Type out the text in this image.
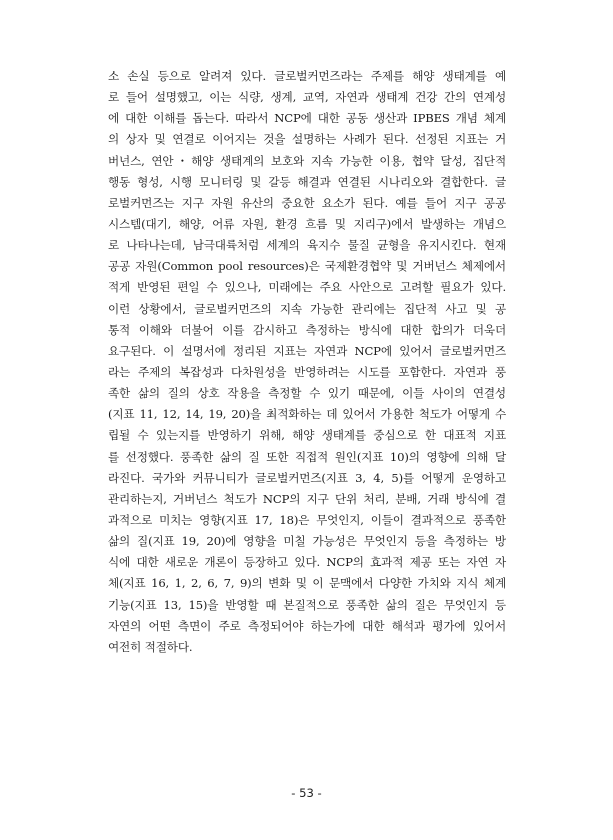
소 손실 등으로 알려져 있다. 글로벌커먼즈라는 주제를 해양 생태계를 예
로 들어 설명했고, 이는 식량, 생계, 교역, 자연과 생태계 건강 간의 연계성
에 대한 이해를 돕는다. 따라서 NCP에 대한 공동 생산과 IPBES 개념 체계
의 상자 및 연결로 이어지는 것을 설명하는 사례가 된다. 선정된 지표는 거
버넌스, 연안・해양 생태계의 보호와 지속 가능한 이용, 협약 달성, 집단적
행동 형성, 시행 모니터링 및 갈등 해결과 연결된 시나리오와 결합한다. 글
로벌커먼즈는 지구 자원 유산의 중요한 요소가 된다. 예를 들어 지구 공공
시스템(대기, 해양, 어류 자원, 환경 흐름 및 지리구)에서 발생하는 개념으
로 나타나는데, 남극대륙처럼 세계의 육지수 물질 균형을 유지시킨다. 현재
공공 자원(Common pool resources)은 국제환경협약 및 거버넌스 체제에서
적게 반영된 편일 수 있으나, 미래에는 주요 사안으로 고려할 필요가 있다.
이런 상황에서, 글로벌커먼즈의 지속 가능한 관리에는 집단적 사고 및 공
통적 이해와 더불어 이를 감시하고 측정하는 방식에 대한 합의가 더욱더
요구된다. 이 설명서에 정리된 지표는 자연과 NCP에 있어서 글로벌커먼즈
라는 주제의 복잡성과 다차원성을 반영하려는 시도를 포함한다. 자연과 풍
족한 삶의 질의 상호 작용을 측정할 수 있기 때문에, 이들 사이의 연결성
(지표 11, 12, 14, 19, 20)을 최적화하는 데 있어서 가용한 척도가 어떻게 수
립될 수 있는지를 반영하기 위해, 해양 생태계를 중심으로 한 대표적 지표
를 선정했다. 풍족한 삶의 질 또한 직접적 원인(지표 10)의 영향에 의해 달
라진다. 국가와 커뮤니티가 글로벌커먼즈(지표 3, 4, 5)를 어떻게 운영하고
관리하는지, 거버넌스 척도가 NCP의 지구 단위 처리, 분배, 거래 방식에 결
과적으로 미치는 영향(지표 17, 18)은 무엇인지, 이들이 결과적으로 풍족한
삶의 질(지표 19, 20)에 영향을 미칠 가능성은 무엇인지 등을 측정하는 방
식에 대한 새로운 개론이 등장하고 있다. NCP의 효과적 제공 또는 자연 자
체(지표 16, 1, 2, 6, 7, 9)의 변화 및 이 문맥에서 다양한 가치와 지식 체계
기능(지표 13, 15)을 반영할 때 본질적으로 풍족한 삶의 질은 무엇인지 등
자연의 어떤 측면이 주로 측정되어야 하는가에 대한 해석과 평가에 있어서
여전히 적절하다.
- 53 -
